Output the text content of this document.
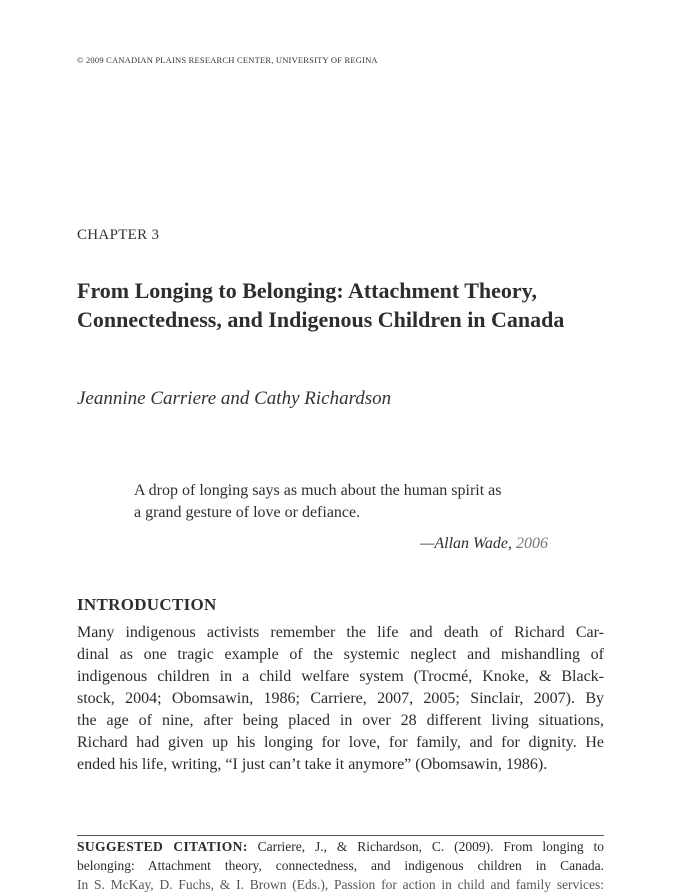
© 2009 CANADIAN PLAINS RESEARCH CENTER, UNIVERSITY OF REGINA
CHAPTER 3
From Longing to Belonging: Attachment Theory,
Connectedness, and Indigenous Children in Canada
Jeannine Carriere and Cathy Richardson
A drop of longing says as much about the human spirit as
a grand gesture of love or defiance.
—Allan Wade, 2006
INTRODUCTION
Many indigenous activists remember the life and death of Richard Car-
dinal as one tragic example of the systemic neglect and mishandling of
indigenous children in a child welfare system (Trocmé, Knoke, & Black-
stock, 2004; Obomsawin, 1986; Carriere, 2007, 2005; Sinclair, 2007). By
the age of nine, after being placed in over 28 different living situations,
Richard had given up his longing for love, for family, and for dignity. He
ended his life, writing, “I just can’t take it anymore” (Obomsawin, 1986).
SUGGESTED CITATION: Carriere, J., & Richardson, C. (2009). From longing to
belonging: Attachment theory, connectedness, and indigenous children in Canada.
In S. McKay, D. Fuchs, & I. Brown (Eds.), Passion for action in child and family services:
